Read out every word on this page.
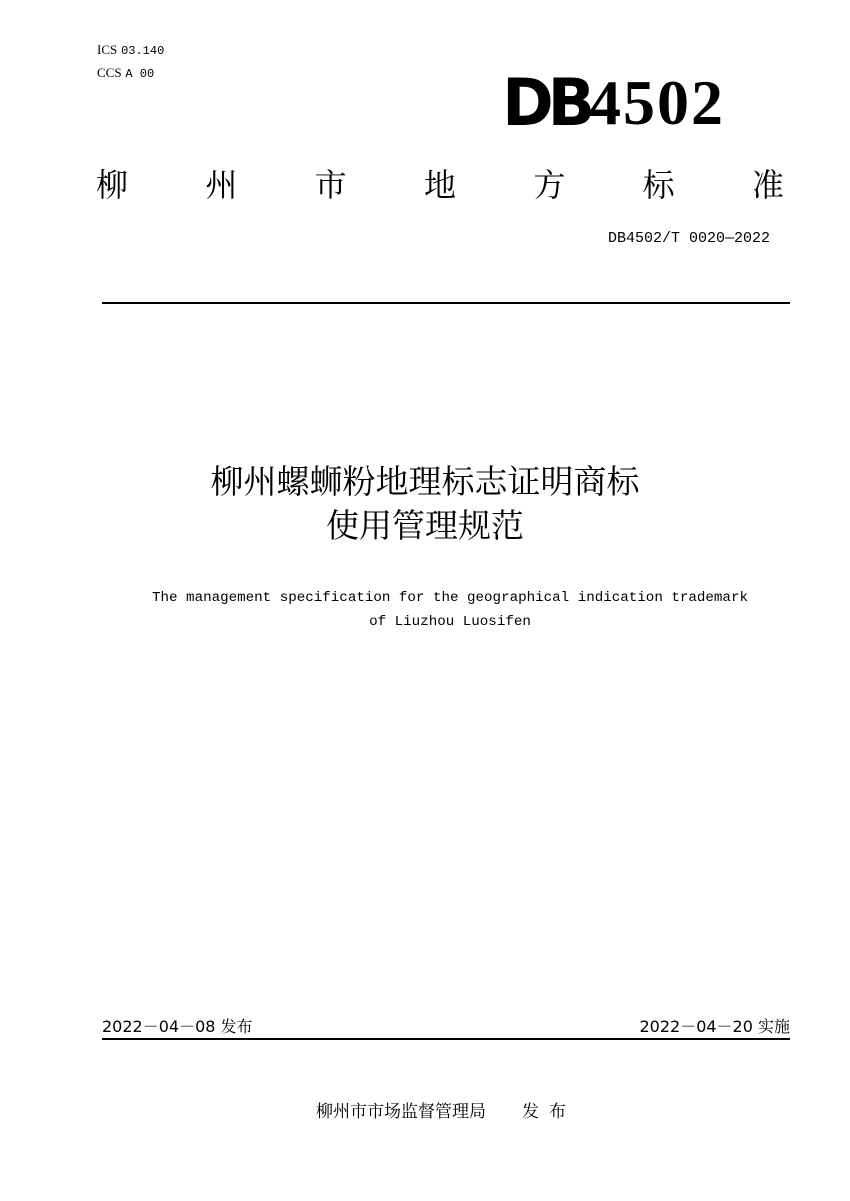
ICS 03.140
CCS A 00	DB4502
柳 州 市 地 方 标 准
DB4502/T 0020—2022
柳州螺蛳粉地理标志证明商标
使用管理规范
The management specification for the geographical indication trademark
of Liuzhou Luosifen
2022－04－08 发布	2022－04－20 实施
柳州市市场监督管理局 发布
